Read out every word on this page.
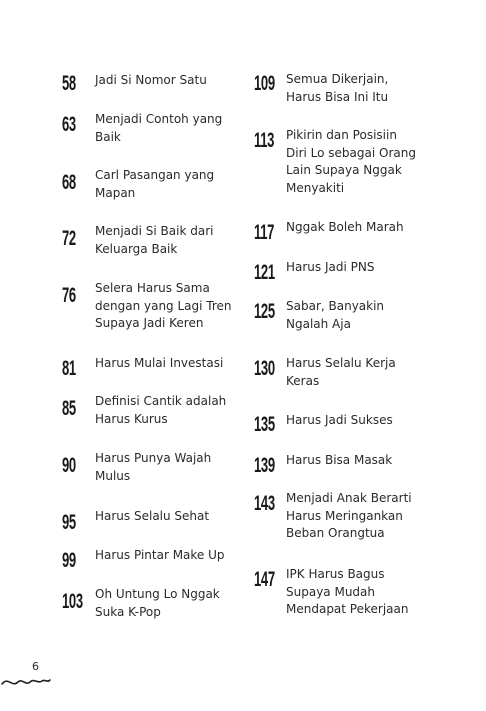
58 Jadi Si Nomor Satu
63 Menjadi Contoh yang
Baik
68 Carl Pasangan yang
Mapan
72 Menjadi Si Baik dari
Keluarga Baik
76 Selera Harus Sama
dengan yang Lagi Tren
Supaya Jadi Keren
81 Harus Mulai Investasi
85 Definisi Cantik adalah
Harus Kurus
90 Harus Punya Wajah
Mulus
95 Harus Selalu Sehat
99 Harus Pintar Make Up
103 Oh Untung Lo Nggak
Suka K-Pop
109 Semua Dikerjain,
Harus Bisa Ini Itu
113 Pikirin dan Posisiin
Diri Lo sebagai Orang
Lain Supaya Nggak
Menyakiti
117 Nggak Boleh Marah
121 Harus Jadi PNS
125 Sabar, Banyakin
Ngalah Aja
130 Harus Selalu Kerja
Keras
135 Harus Jadi Sukses
139 Harus Bisa Masak
143 Menjadi Anak Berarti
Harus Meringankan
Beban Orangtua
147 IPK Harus Bagus
Supaya Mudah
Mendapat Pekerjaan
6
